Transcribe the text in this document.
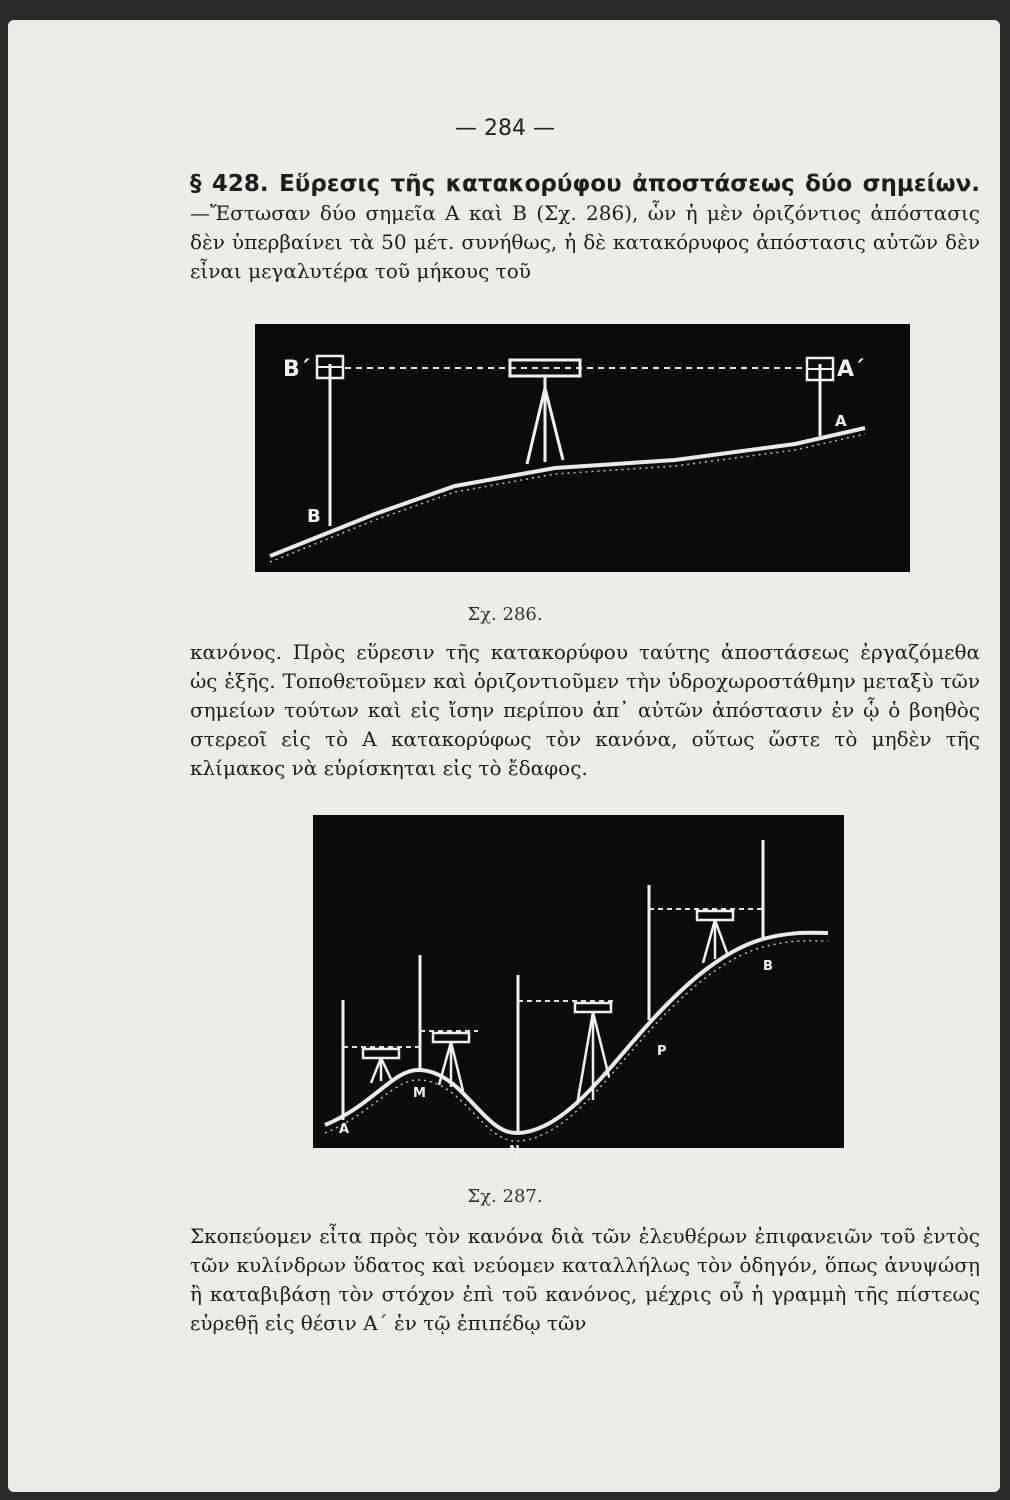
— 284 —
§ 428. Εὕρεσις τῆς κατακορύφου ἀποστάσεως δύο σημείων.—Ἔστωσαν δύο σημεῖα Α καὶ Β (Σχ. 286), ὧν ἡ μὲν ὁριζόντιος ἀπόστασις δὲν ὑπερβαίνει τὰ 50 μέτ. συνήθως, ἡ δὲ κατακόρυφος ἀπόστασις αὐτῶν δὲν εἶναι μεγαλυτέρα τοῦ μήκους τοῦ
B΄	A΄
A
B
Σχ. 286.
κανόνος. Πρὸς εὕρεσιν τῆς κατακορύφου ταύτης ἀποστάσεως ἐργαζόμεθα ὡς ἑξῆς. Τοποθετοῦμεν καὶ ὁριζοντιοῦμεν τὴν ὑδροχωροστάθμην μεταξὺ τῶν σημείων τούτων καὶ εἰς ἴσην περίπου ἀπ᾽ αὐτῶν ἀπόστασιν ἐν ᾧ ὁ βοηθὸς στερεοῖ εἰς τὸ Α κατακορύφως τὸν κανόνα, οὕτως ὥστε τὸ μηδὲν τῆς κλίμακος νὰ εὑρίσκηται εἰς τὸ ἔδαφος.
A
M
N
P
B
Σχ. 287.
Σκοπεύομεν εἶτα πρὸς τὸν κανόνα διὰ τῶν ἐλευθέρων ἐπιφανειῶν τοῦ ἐντὸς τῶν κυλίνδρων ὕδατος καὶ νεύομεν καταλλήλως τὸν ὁδηγόν, ὅπως ἀνυψώσῃ ἢ καταβιβάσῃ τὸν στόχον ἐπὶ τοῦ κανόνος, μέχρις οὗ ἡ γραμμὴ τῆς πίστεως εὑρεθῇ εἰς θέσιν Α΄ ἐν τῷ ἐπιπέδῳ τῶν
